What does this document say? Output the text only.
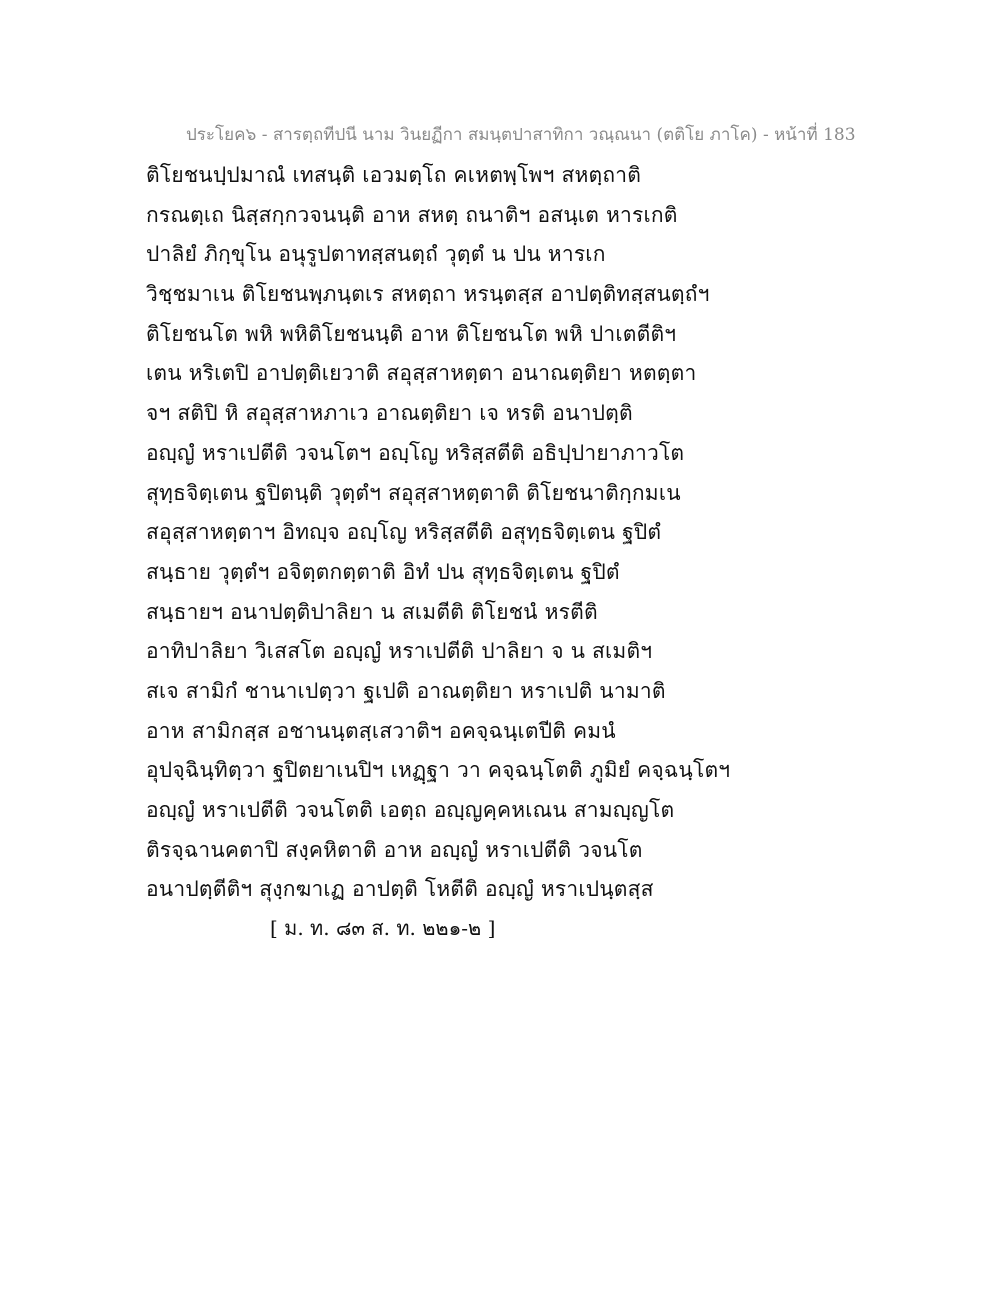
ประโยค๖ - สารตฺถทีปนี นาม วินยฏีกา สมนฺตปาสาทิกา วณฺณนา (ตติโย ภาโค) - หน้าที่ 183
ติโยชนปฺปมาณํ เทสนฺติ เอวมตฺโถ คเหตพฺโพฯ สหตฺถาติ
กรณตฺเถ นิสฺสกฺกวจนนฺติ อาห สหตฺ ถนาติฯ อสนฺเต หารเกติ
ปาลิยํ ภิกฺขุโน อนุรูปตาทสฺสนตฺถํ วุตฺตํ น ปน หารเก
วิชฺชมาเน ติโยชนพฺภนฺตเร สหตฺถา หรนฺตสฺส อาปตฺติทสฺสนตฺถํฯ
ติโยชนโต พหิ พหิติโยชนนฺติ อาห ติโยชนโต พหิ ปาเตตีติฯ
เตน หริเตปิ อาปตฺติเยวาติ สอุสฺสาหตฺตา อนาณตฺติยา หตตฺตา
จฯ สติปิ หิ สอุสฺสาหภาเว อาณตฺติยา เจ หรติ อนาปตฺติ
อญฺญํ หราเปตีติ วจนโตฯ อญฺโญ หริสฺสตีติ อธิปฺปายาภาวโต
สุทฺธจิตฺเตน ฐปิตนฺติ วุตฺตํฯ สอุสฺสาหตฺตาติ ติโยชนาติกฺกมเน
สอุสฺสาหตฺตาฯ อิทญฺจ อญฺโญ หริสฺสตีติ อสุทฺธจิตฺเตน ฐปิตํ
สนฺธาย วุตฺตํฯ อจิตฺตกตฺตาติ อิทํ ปน สุทฺธจิตฺเตน ฐปิตํ
สนฺธายฯ อนาปตฺติปาลิยา น สเมตีติ ติโยชนํ หรตีติ
อาทิปาลิยา วิเสสโต อญฺญํ หราเปตีติ ปาลิยา จ น สเมติฯ
สเจ สามิกํ ชานาเปตฺวา ฐเปติ อาณตฺติยา หราเปติ นามาติ
อาห สามิกสฺส อชานนฺตสฺเสวาติฯ อคจฺฉนฺเตปีติ คมนํ
อุปจฺฉินฺทิตฺวา ฐปิตยาเนปิฯ เหฏฺฐา วา คจฺฉนฺโตติ ภูมิยํ คจฺฉนฺโตฯ
อญฺญํ หราเปตีติ วจนโตติ เอตฺถ อญฺญคฺคหเณน สามญฺญโต
ติรจฺฉานคตาปิ สงฺคหิตาติ อาห อญฺญํ หราเปตีติ วจนโต
อนาปตฺตีติฯ สุงฺกฆาเฏ อาปตฺติ โหตีติ อญฺญํ หราเปนฺตสฺส
[ ม. ท. ๘๓ ส. ท. ๒๒๑-๒ ]
